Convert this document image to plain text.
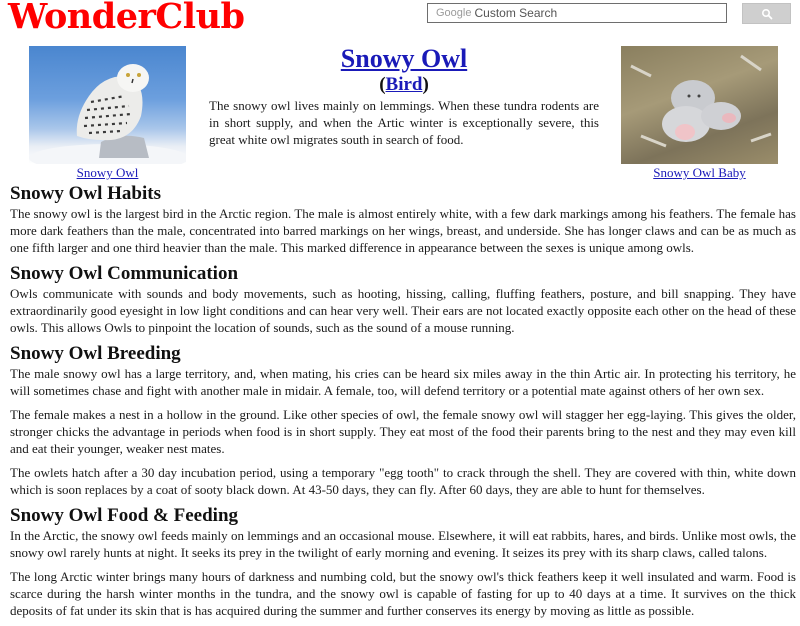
WonderClub	Google Custom Search
Snowy Owl
Snowy Owl
(Bird)

The snowy owl lives mainly on lemmings. When these tundra rodents are in short supply, and when the Artic winter is exceptionally severe, this great white owl migrates south in search of food.

Snowy Owl Baby
Snowy Owl Habits

The snowy owl is the largest bird in the Arctic region. The male is almost entirely white, with a few dark markings among his feathers. The female has more dark feathers than the male, concentrated into barred markings on her wings, breast, and underside. She has longer claws and can be as much as one fifth larger and one third heavier than the male. This marked difference in appearance between the sexes is unique among owls.

Snowy Owl Communication

Owls communicate with sounds and body movements, such as hooting, hissing, calling, fluffing feathers, posture, and bill snapping. They have extraordinarily good eyesight in low light conditions and can hear very well. Their ears are not located exactly opposite each other on the head of these owls. This allows Owls to pinpoint the location of sounds, such as the sound of a mouse running.

Snowy Owl Breeding

The male snowy owl has a large territory, and, when mating, his cries can be heard six miles away in the thin Artic air. In protecting his territory, he will sometimes chase and fight with another male in midair. A female, too, will defend territory or a potential mate against others of her own sex.

The female makes a nest in a hollow in the ground. Like other species of owl, the female snowy owl will stagger her egg-laying. This gives the older, stronger chicks the advantage in periods when food is in short supply. They eat most of the food their parents bring to the nest and they may even kill and eat their younger, weaker nest mates.

The owlets hatch after a 30 day incubation period, using a temporary "egg tooth" to crack through the shell. They are covered with thin, white down which is soon replaces by a coat of sooty black down. At 43-50 days, they can fly. After 60 days, they are able to hunt for themselves.

Snowy Owl Food & Feeding

In the Arctic, the snowy owl feeds mainly on lemmings and an occasional mouse. Elsewhere, it will eat rabbits, hares, and birds. Unlike most owls, the snowy owl rarely hunts at night. It seeks its prey in the twilight of early morning and evening. It seizes its prey with its sharp claws, called talons.

The long Arctic winter brings many hours of darkness and numbing cold, but the snowy owl's thick feathers keep it well insulated and warm. Food is scarce during the harsh winter months in the tundra, and the snowy owl is capable of fasting for up to 40 days at a time. It survives on the thick deposits of fat under its skin that is has acquired during the summer and further conserves its energy by moving as little as possible.
